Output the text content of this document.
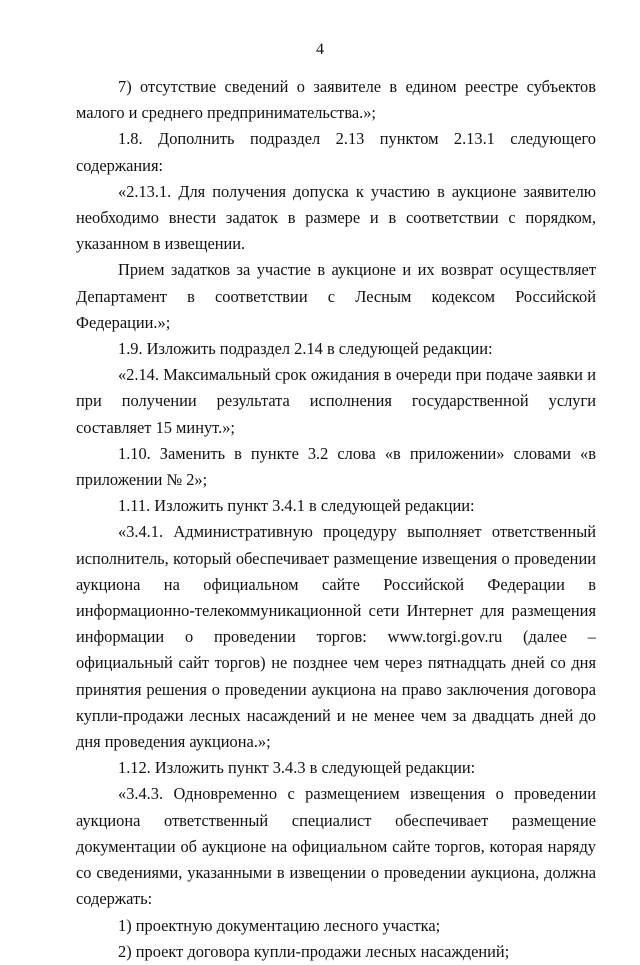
4

7) отсутствие сведений о заявителе в едином реестре субъектов малого и среднего предпринимательства.»;

1.8. Дополнить подраздел 2.13 пунктом 2.13.1 следующего содержания:

«2.13.1. Для получения допуска к участию в аукционе заявителю необходимо внести задаток в размере и в соответствии с порядком, указанном в извещении.

Прием задатков за участие в аукционе и их возврат осуществляет Департамент в соответствии с Лесным кодексом Российской Федерации.»;

1.9. Изложить подраздел 2.14 в следующей редакции:

«2.14. Максимальный срок ожидания в очереди при подаче заявки и при получении результата исполнения государственной услуги составляет 15 минут.»;

1.10. Заменить в пункте 3.2 слова «в приложении» словами «в приложении № 2»;

1.11. Изложить пункт 3.4.1 в следующей редакции:

«3.4.1. Административную процедуру выполняет ответственный исполнитель, который обеспечивает размещение извещения о проведении аукциона на официальном сайте Российской Федерации в информационно-телекоммуникационной сети Интернет для размещения информации о проведении торгов: www.torgi.gov.ru (далее – официальный сайт торгов) не позднее чем через пятнадцать дней со дня принятия решения о проведении аукциона на право заключения договора купли-продажи лесных насаждений и не менее чем за двадцать дней до дня проведения аукциона.»;

1.12. Изложить пункт 3.4.3 в следующей редакции:

«3.4.3. Одновременно с размещением извещения о проведении аукциона ответственный специалист обеспечивает размещение документации об аукционе на официальном сайте торгов, которая наряду со сведениями, указанными в извещении о проведении аукциона, должна содержать:

1) проектную документацию лесного участка;

2) проект договора купли-продажи лесных насаждений;
